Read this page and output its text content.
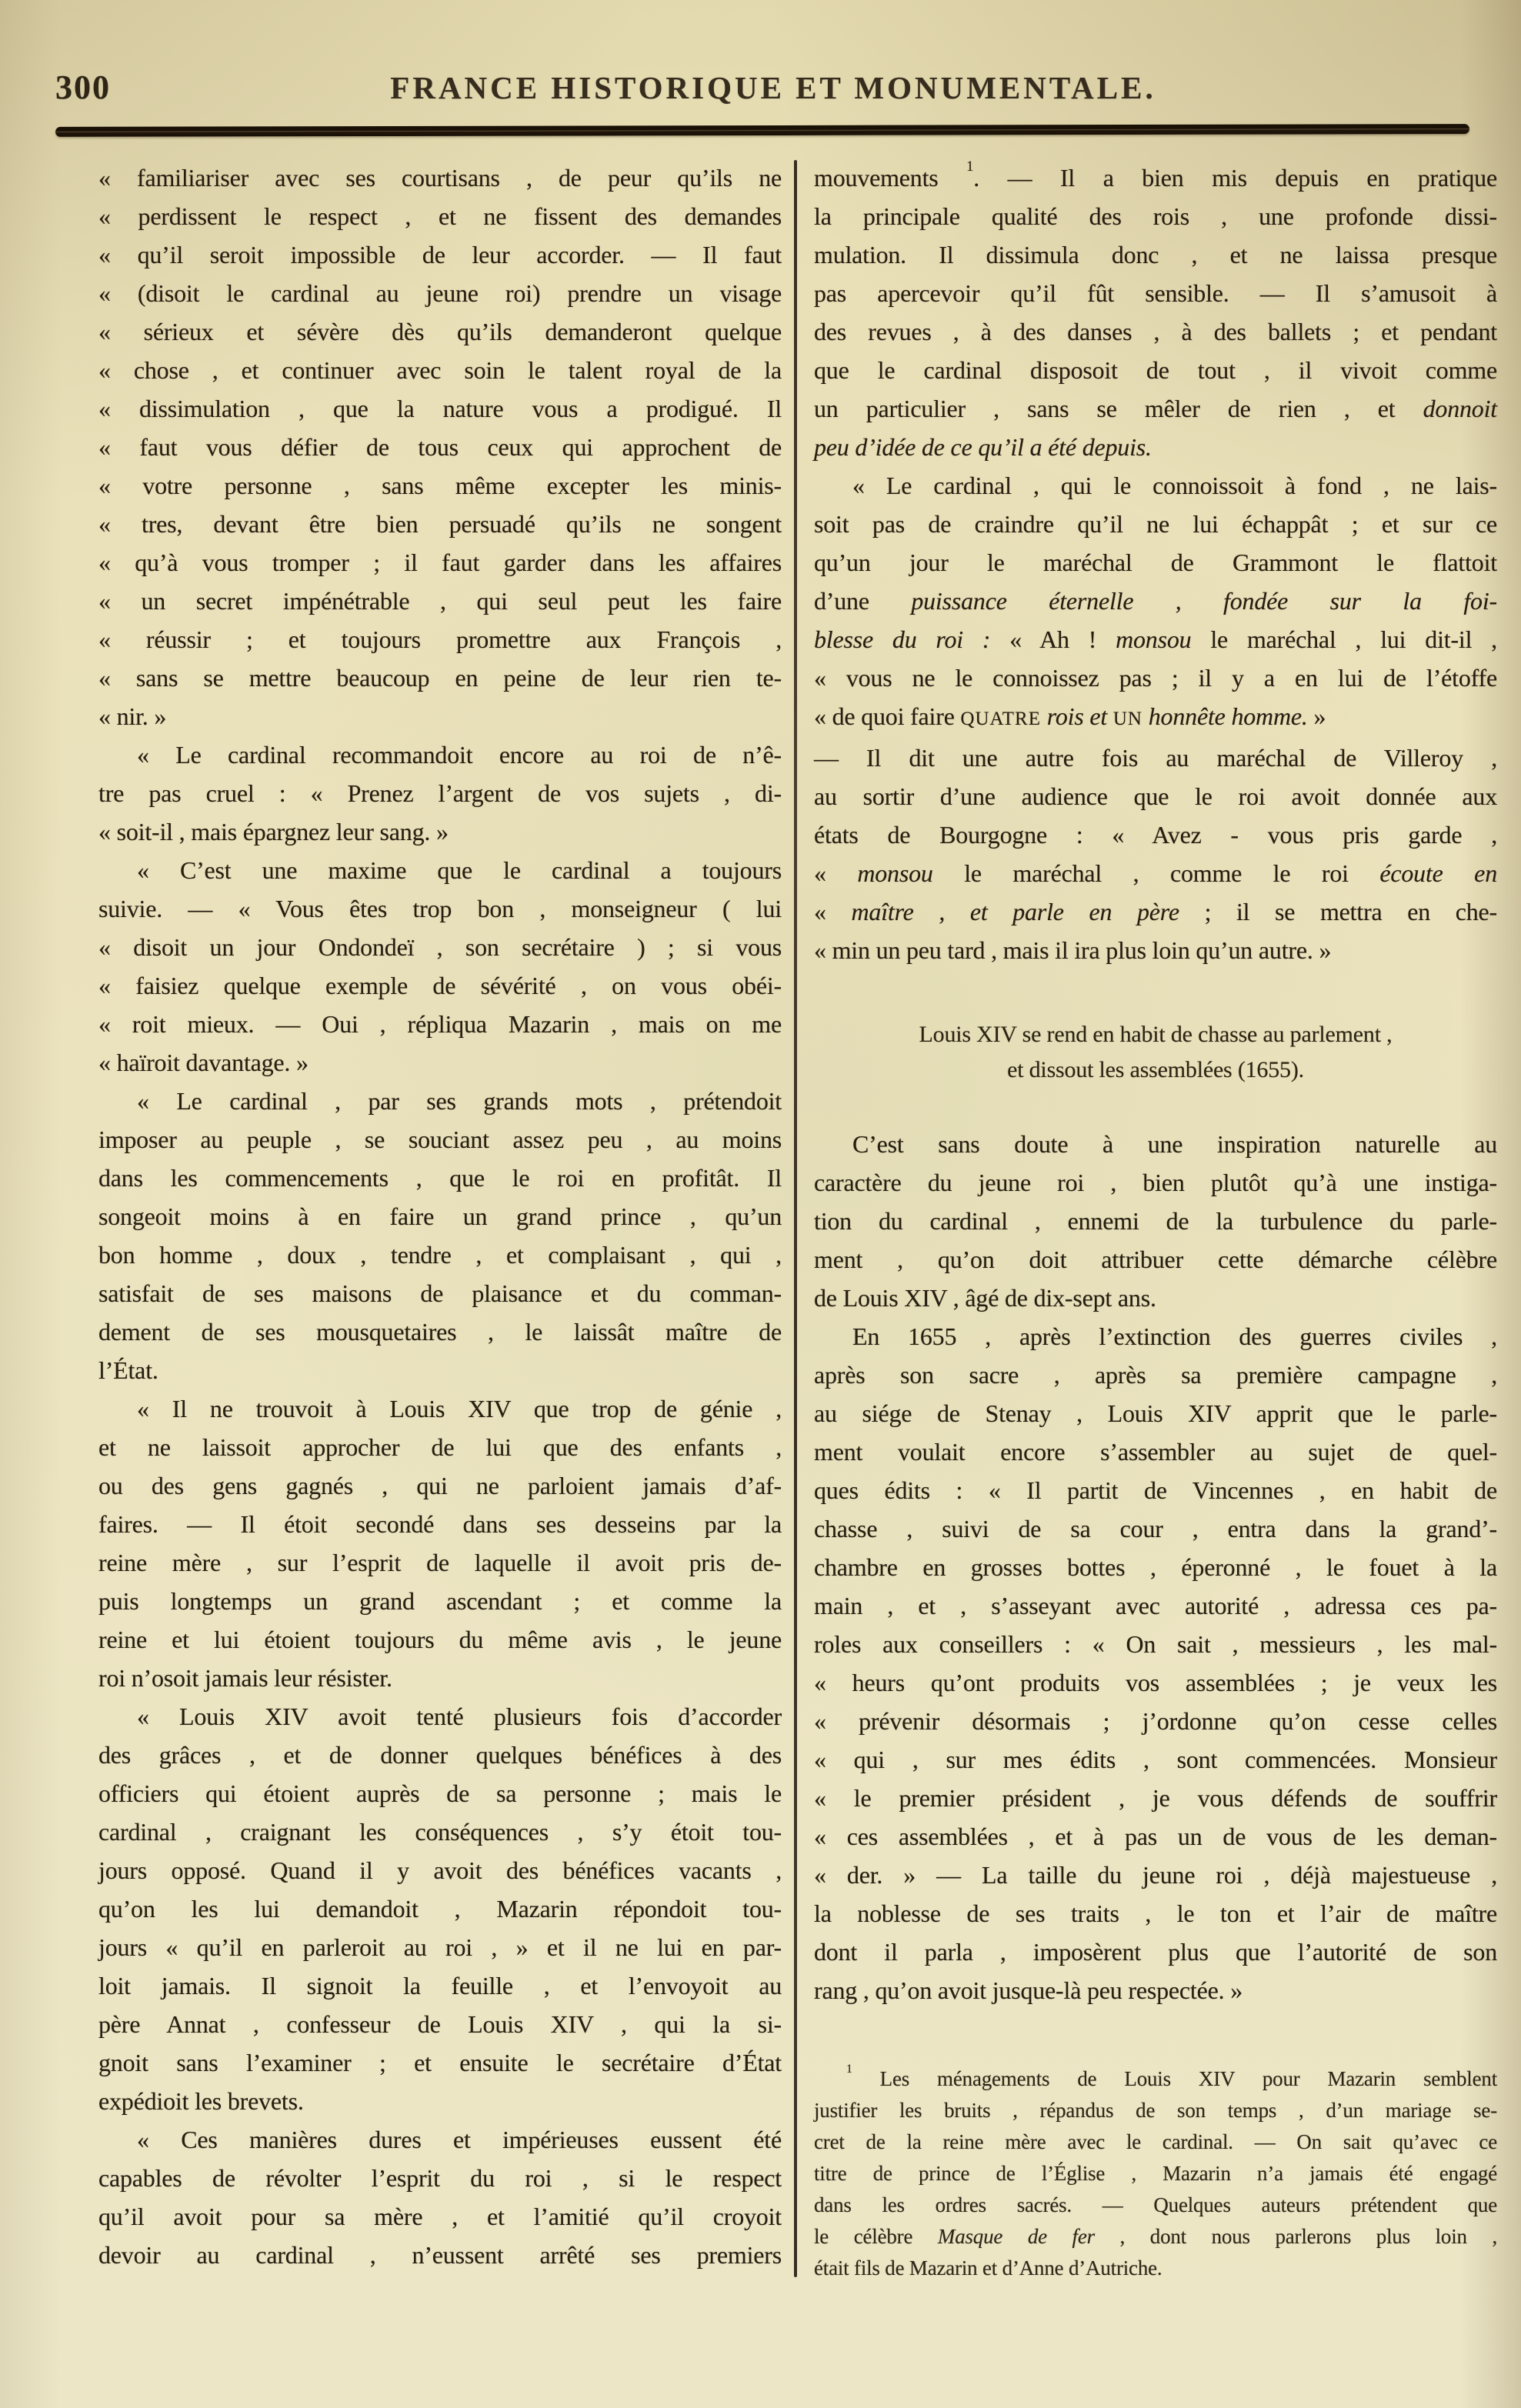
300	FRANCE HISTORIQUE ET MONUMENTALE.
« familiariser avec ses courtisans , de peur qu’ils ne
« perdissent le respect , et ne fissent des demandes
« qu’il seroit impossible de leur accorder. — Il faut
« (disoit le cardinal au jeune roi) prendre un visage
« sérieux et sévère dès qu’ils demanderont quelque
« chose , et continuer avec soin le talent royal de la
« dissimulation , que la nature vous a prodigué. Il
« faut vous défier de tous ceux qui approchent de
« votre personne , sans même excepter les minis-
« tres, devant être bien persuadé qu’ils ne songent
« qu’à vous tromper ; il faut garder dans les affaires
« un secret impénétrable , qui seul peut les faire
« réussir ; et toujours promettre aux François ,
« sans se mettre beaucoup en peine de leur rien te-
« nir. »
« Le cardinal recommandoit encore au roi de n’ê-
tre pas cruel : « Prenez l’argent de vos sujets , di-
« soit-il , mais épargnez leur sang. »
« C’est une maxime que le cardinal a toujours
suivie. — « Vous êtes trop bon , monseigneur ( lui
« disoit un jour Ondondeï , son secrétaire ) ; si vous
« faisiez quelque exemple de sévérité , on vous obéi-
« roit mieux. — Oui , répliqua Mazarin , mais on me
« haïroit davantage. »
« Le cardinal , par ses grands mots , prétendoit
imposer au peuple , se souciant assez peu , au moins
dans les commencements , que le roi en profitât. Il
songeoit moins à en faire un grand prince , qu’un
bon homme , doux , tendre , et complaisant , qui ,
satisfait de ses maisons de plaisance et du comman-
dement de ses mousquetaires , le laissât maître de
l’État.
« Il ne trouvoit à Louis XIV que trop de génie ,
et ne laissoit approcher de lui que des enfants ,
ou des gens gagnés , qui ne parloient jamais d’af-
faires. — Il étoit secondé dans ses desseins par la
reine mère , sur l’esprit de laquelle il avoit pris de-
puis longtemps un grand ascendant ; et comme la
reine et lui étoient toujours du même avis , le jeune
roi n’osoit jamais leur résister.
« Louis XIV avoit tenté plusieurs fois d’accorder
des grâces , et de donner quelques bénéfices à des
officiers qui étoient auprès de sa personne ; mais le
cardinal , craignant les conséquences , s’y étoit tou-
jours opposé. Quand il y avoit des bénéfices vacants ,
qu’on les lui demandoit , Mazarin répondoit tou-
jours « qu’il en parleroit au roi , » et il ne lui en par-
loit jamais. Il signoit la feuille , et l’envoyoit au
père Annat , confesseur de Louis XIV , qui la si-
gnoit sans l’examiner ; et ensuite le secrétaire d’État
expédioit les brevets.
« Ces manières dures et impérieuses eussent été
capables de révolter l’esprit du roi , si le respect
qu’il avoit pour sa mère , et l’amitié qu’il croyoit
devoir au cardinal , n’eussent arrêté ses premiers
mouvements $^1$. — Il a bien mis depuis en pratique
la principale qualité des rois , une profonde dissi-
mulation. Il dissimula donc , et ne laissa presque
pas apercevoir qu’il fût sensible. — Il s’amusoit à
des revues , à des danses , à des ballets ; et pendant
que le cardinal disposoit de tout , il vivoit comme
un particulier , sans se mêler de rien , et donnoit
peu d’idée de ce qu’il a été depuis.
« Le cardinal , qui le connoissoit à fond , ne lais-
soit pas de craindre qu’il ne lui échappât ; et sur ce
qu’un jour le maréchal de Grammont le flattoit
d’une puissance éternelle , fondée sur la foi-
blesse du roi : « Ah ! monsou le maréchal , lui dit-il ,
« vous ne le connoissez pas ; il y a en lui de l’étoffe
« de quoi faire QUATRE rois et UN honnête homme. »
— Il dit une autre fois au maréchal de Villeroy ,
au sortir d’une audience que le roi avoit donnée aux
états de Bourgogne : « Avez - vous pris garde ,
« monsou le maréchal , comme le roi écoute en
« maître , et parle en père ; il se mettra en che-
« min un peu tard , mais il ira plus loin qu’un autre. »
Louis XIV se rend en habit de chasse au parlement ,
et dissout les assemblées (1655).
C’est sans doute à une inspiration naturelle au
caractère du jeune roi , bien plutôt qu’à une instiga-
tion du cardinal , ennemi de la turbulence du parle-
ment , qu’on doit attribuer cette démarche célèbre
de Louis XIV , âgé de dix-sept ans.
En 1655 , après l’extinction des guerres civiles ,
après son sacre , après sa première campagne ,
au siége de Stenay , Louis XIV apprit que le parle-
ment voulait encore s’assembler au sujet de quel-
ques édits : « Il partit de Vincennes , en habit de
chasse , suivi de sa cour , entra dans la grand’-
chambre en grosses bottes , éperonné , le fouet à la
main , et , s’asseyant avec autorité , adressa ces pa-
roles aux conseillers : « On sait , messieurs , les mal-
« heurs qu’ont produits vos assemblées ; je veux les
« prévenir désormais ; j’ordonne qu’on cesse celles
« qui , sur mes édits , sont commencées. Monsieur
« le premier président , je vous défends de souffrir
« ces assemblées , et à pas un de vous de les deman-
« der. » — La taille du jeune roi , déjà majestueuse ,
la noblesse de ses traits , le ton et l’air de maître
dont il parla , imposèrent plus que l’autorité de son
rang , qu’on avoit jusque-là peu respectée. »
$^1$ Les ménagements de Louis XIV pour Mazarin semblent
justifier les bruits , répandus de son temps , d’un mariage se-
cret de la reine mère avec le cardinal. — On sait qu’avec ce
titre de prince de l’Église , Mazarin n’a jamais été engagé
dans les ordres sacrés. — Quelques auteurs prétendent que
le célèbre Masque de fer , dont nous parlerons plus loin ,
était fils de Mazarin et d’Anne d’Autriche.
